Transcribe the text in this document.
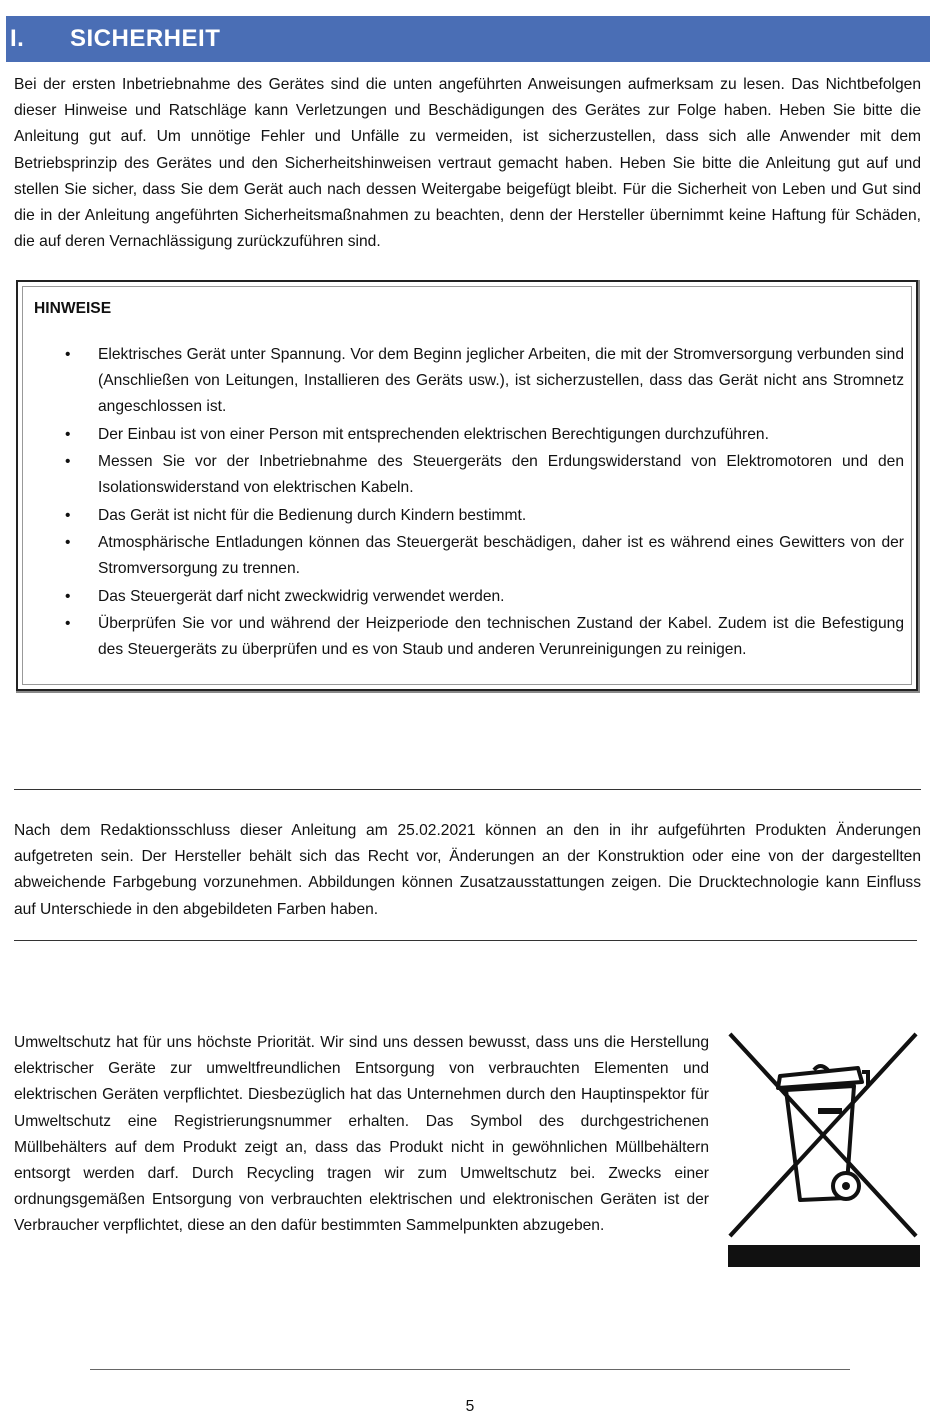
I.	SICHERHEIT

Bei der ersten Inbetriebnahme des Gerätes sind die unten angeführten Anweisungen aufmerksam zu lesen. Das Nichtbefolgen dieser Hinweise und Ratschläge kann Verletzungen und Beschädigungen des Gerätes zur Folge haben. Heben Sie bitte die Anleitung gut auf. Um unnötige Fehler und Unfälle zu vermeiden, ist sicherzustellen, dass sich alle Anwender mit dem Betriebsprinzip des Gerätes und den Sicherheitshinweisen vertraut gemacht haben. Heben Sie bitte die Anleitung gut auf und stellen Sie sicher, dass Sie dem Gerät auch nach dessen Weitergabe beigefügt bleibt. Für die Sicherheit von Leben und Gut sind die in der Anleitung angeführten Sicherheitsmaßnahmen zu beachten, denn der Hersteller übernimmt keine Haftung für Schäden, die auf deren Vernachlässigung zurückzuführen sind.

HINWEISE
• Elektrisches Gerät unter Spannung. Vor dem Beginn jeglicher Arbeiten, die mit der Stromversorgung verbunden sind (Anschließen von Leitungen, Installieren des Geräts usw.), ist sicherzustellen, dass das Gerät nicht ans Stromnetz angeschlossen ist.
• Der Einbau ist von einer Person mit entsprechenden elektrischen Berechtigungen durchzuführen.
• Messen Sie vor der Inbetriebnahme des Steuergeräts den Erdungswiderstand von Elektromotoren und den Isolationswiderstand von elektrischen Kabeln.
• Das Gerät ist nicht für die Bedienung durch Kindern bestimmt.
• Atmosphärische Entladungen können das Steuergerät beschädigen, daher ist es während eines Gewitters von der Stromversorgung zu trennen.
• Das Steuergerät darf nicht zweckwidrig verwendet werden.
• Überprüfen Sie vor und während der Heizperiode den technischen Zustand der Kabel. Zudem ist die Befestigung des Steuergeräts zu überprüfen und es von Staub und anderen Verunreinigungen zu reinigen.

Nach dem Redaktionsschluss dieser Anleitung am 25.02.2021 können an den in ihr aufgeführten Produkten Änderungen aufgetreten sein. Der Hersteller behält sich das Recht vor, Änderungen an der Konstruktion oder eine von der dargestellten abweichende Farbgebung vorzunehmen. Abbildungen können Zusatzausstattungen zeigen. Die Drucktechnologie kann Einfluss auf Unterschiede in den abgebildeten Farben haben.

Umweltschutz hat für uns höchste Priorität. Wir sind uns dessen bewusst, dass uns die Herstellung elektrischer Geräte zur umweltfreundlichen Entsorgung von verbrauchten Elementen und elektrischen Geräten verpflichtet. Diesbezüglich hat das Unternehmen durch den Hauptinspektor für Umweltschutz eine Registrierungsnummer erhalten. Das Symbol des durchgestrichenen Müllbehälters auf dem Produkt zeigt an, dass das Produkt nicht in gewöhnlichen Müllbehältern entsorgt werden darf. Durch Recycling tragen wir zum Umweltschutz bei. Zwecks einer ordnungsgemäßen Entsorgung von verbrauchten elektrischen und elektronischen Geräten ist der Verbraucher verpflichtet, diese an den dafür bestimmten Sammelpunkten abzugeben.

5
